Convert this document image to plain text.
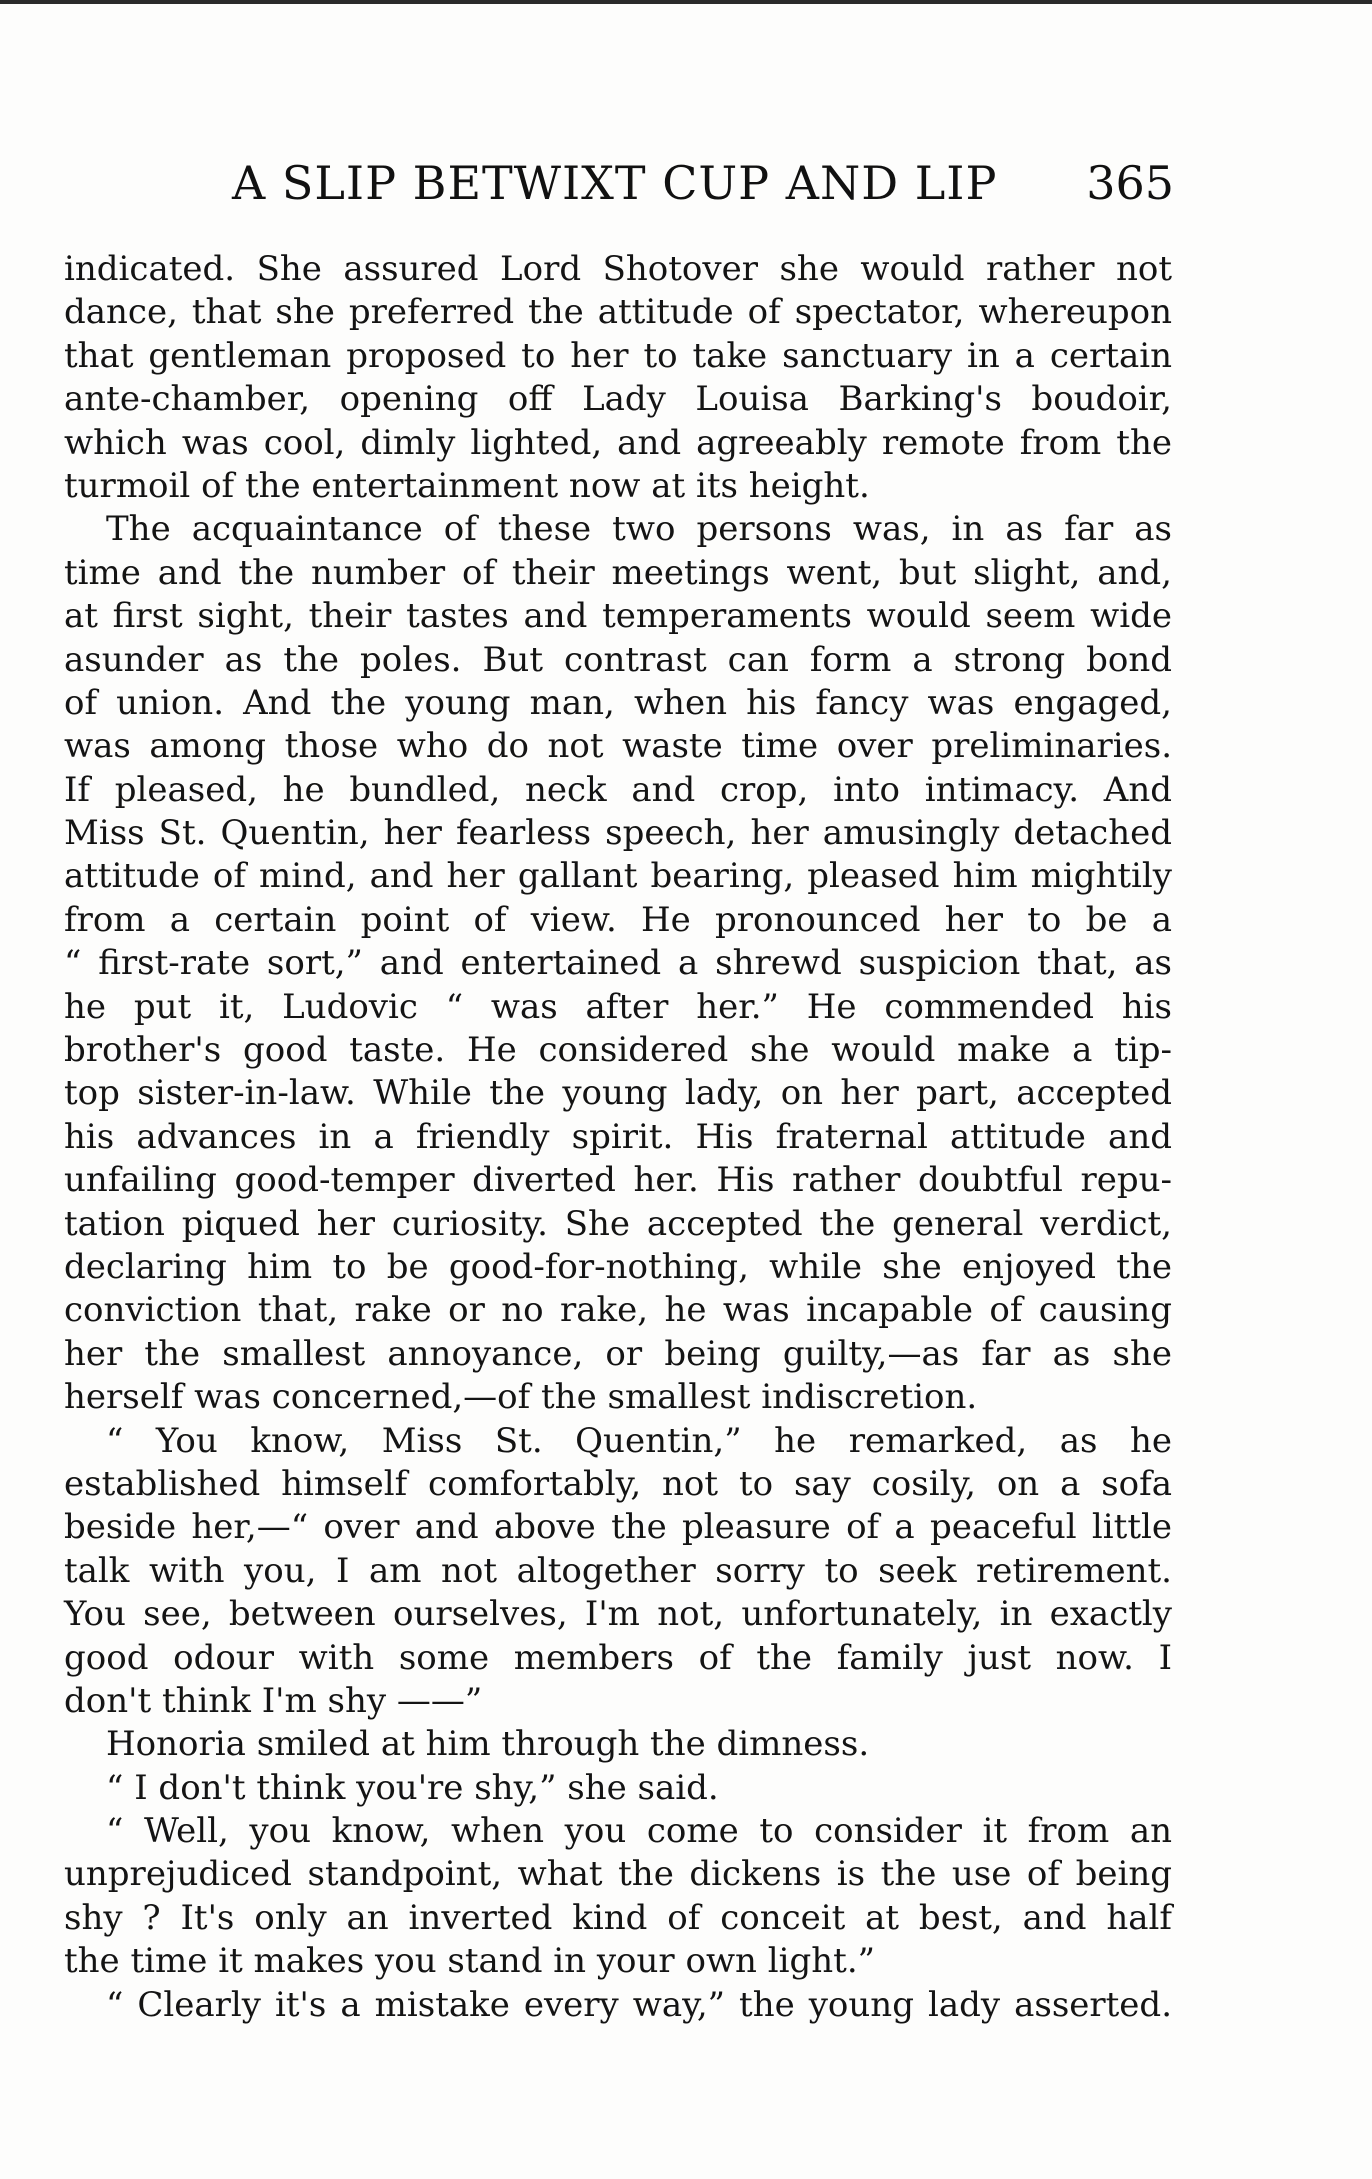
A SLIP BETWIXT CUP AND LIP 365
indicated. She assured Lord Shotover she would rather not
dance, that she preferred the attitude of spectator, whereupon
that gentleman proposed to her to take sanctuary in a certain
ante-chamber, opening off Lady Louisa Barking's boudoir,
which was cool, dimly lighted, and agreeably remote from the
turmoil of the entertainment now at its height.
The acquaintance of these two persons was, in as far as
time and the number of their meetings went, but slight, and,
at first sight, their tastes and temperaments would seem wide
asunder as the poles. But contrast can form a strong bond
of union. And the young man, when his fancy was engaged,
was among those who do not waste time over preliminaries.
If pleased, he bundled, neck and crop, into intimacy. And
Miss St. Quentin, her fearless speech, her amusingly detached
attitude of mind, and her gallant bearing, pleased him mightily
from a certain point of view. He pronounced her to be a
“ first-rate sort,” and entertained a shrewd suspicion that, as
he put it, Ludovic “ was after her.” He commended his
brother's good taste. He considered she would make a tip-
top sister-in-law. While the young lady, on her part, accepted
his advances in a friendly spirit. His fraternal attitude and
unfailing good-temper diverted her. His rather doubtful repu-
tation piqued her curiosity. She accepted the general verdict,
declaring him to be good-for-nothing, while she enjoyed the
conviction that, rake or no rake, he was incapable of causing
her the smallest annoyance, or being guilty,—as far as she
herself was concerned,—of the smallest indiscretion.
“ You know, Miss St. Quentin,” he remarked, as he
established himself comfortably, not to say cosily, on a sofa
beside her,—“ over and above the pleasure of a peaceful little
talk with you, I am not altogether sorry to seek retirement.
You see, between ourselves, I'm not, unfortunately, in exactly
good odour with some members of the family just now. I
don't think I'm shy ——”
Honoria smiled at him through the dimness.
“ I don't think you're shy,” she said.
“ Well, you know, when you come to consider it from an
unprejudiced standpoint, what the dickens is the use of being
shy ? It's only an inverted kind of conceit at best, and half
the time it makes you stand in your own light.”
“ Clearly it's a mistake every way,” the young lady asserted.
